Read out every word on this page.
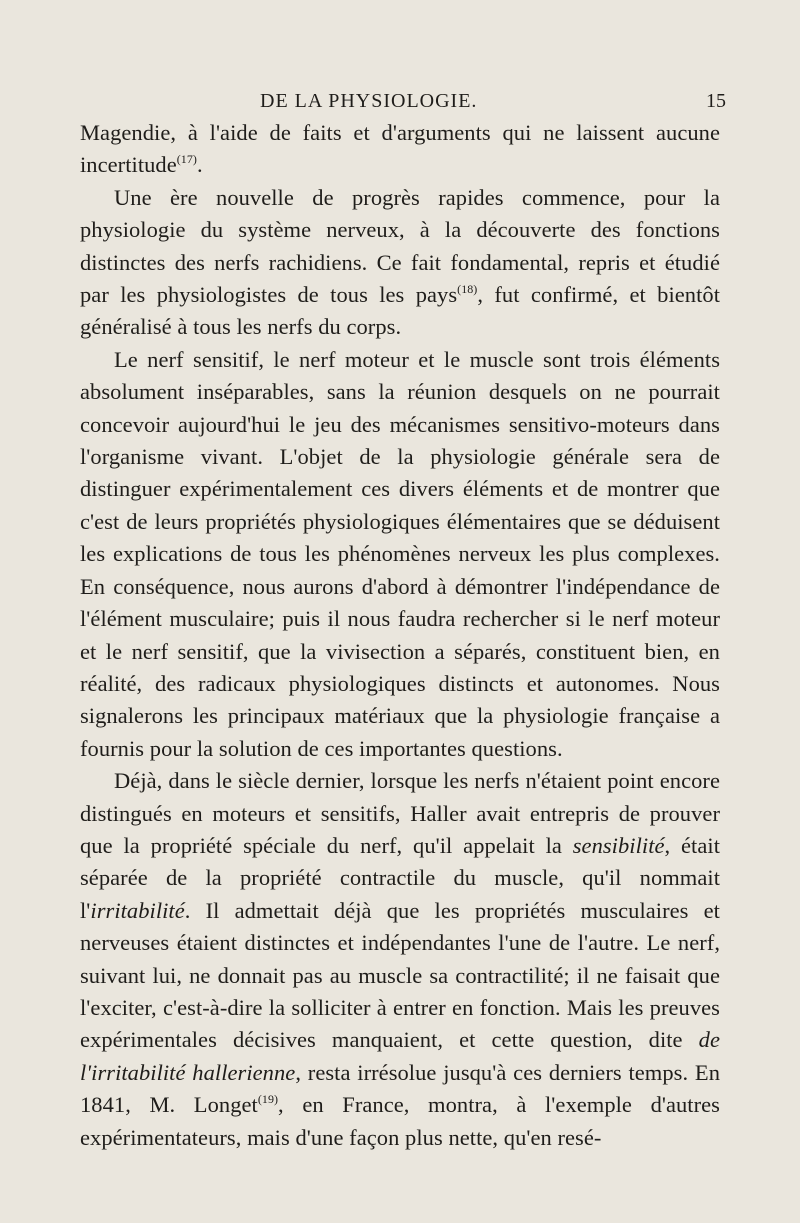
DE LA PHYSIOLOGIE.	15

Magendie, à l'aide de faits et d'arguments qui ne laissent aucune incertitude$^{(17)}$.

Une ère nouvelle de progrès rapides commence, pour la physiologie du système nerveux, à la découverte des fonctions distinctes des nerfs rachidiens. Ce fait fondamental, repris et étudié par les physiologistes de tous les pays$^{(18)}$, fut confirmé, et bientôt généralisé à tous les nerfs du corps.

Le nerf sensitif, le nerf moteur et le muscle sont trois éléments absolument inséparables, sans la réunion desquels on ne pourrait concevoir aujourd'hui le jeu des mécanismes sensitivo-moteurs dans l'organisme vivant. L'objet de la physiologie générale sera de distinguer expérimentalement ces divers éléments et de montrer que c'est de leurs propriétés physiologiques élémentaires que se déduisent les explications de tous les phénomènes nerveux les plus complexes. En conséquence, nous aurons d'abord à démontrer l'indépendance de l'élément musculaire; puis il nous faudra rechercher si le nerf moteur et le nerf sensitif, que la vivisection a séparés, constituent bien, en réalité, des radicaux physiologiques distincts et autonomes. Nous signalerons les principaux matériaux que la physiologie française a fournis pour la solution de ces importantes questions.

Déjà, dans le siècle dernier, lorsque les nerfs n'étaient point encore distingués en moteurs et sensitifs, Haller avait entrepris de prouver que la propriété spéciale du nerf, qu'il appelait la sensibilité, était séparée de la propriété contractile du muscle, qu'il nommait l'irritabilité. Il admettait déjà que les propriétés musculaires et nerveuses étaient distinctes et indépendantes l'une de l'autre. Le nerf, suivant lui, ne donnait pas au muscle sa contractilité; il ne faisait que l'exciter, c'est-à-dire la solliciter à entrer en fonction. Mais les preuves expérimentales décisives manquaient, et cette question, dite de l'irritabilité hallerienne, resta irrésolue jusqu'à ces derniers temps. En 1841, M. Longet$^{(19)}$, en France, montra, à l'exemple d'autres expérimentateurs, mais d'une façon plus nette, qu'en resé-
